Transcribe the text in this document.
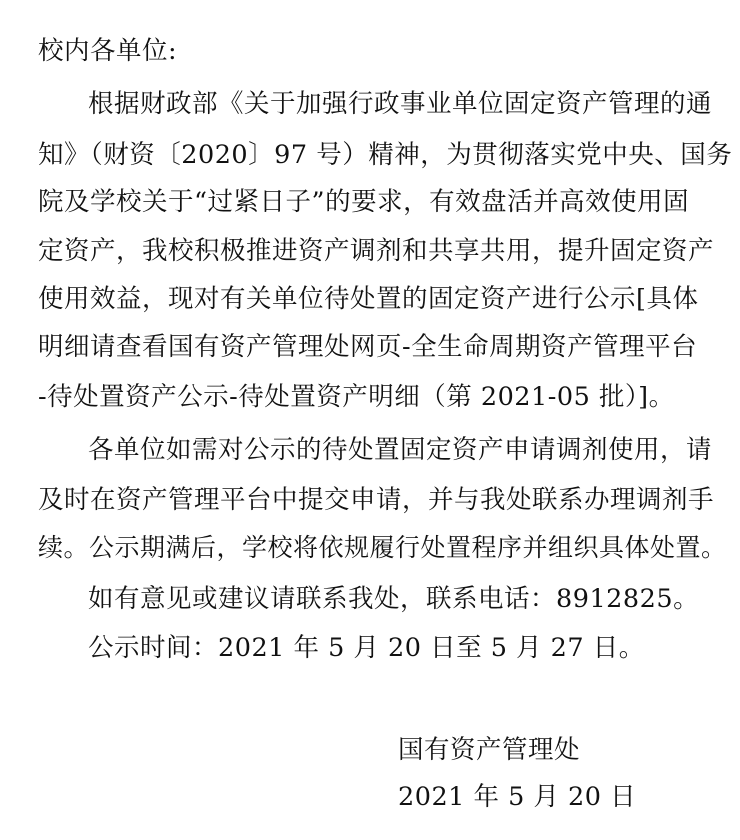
校内各单位:
根据财政部《关于加强行政事业单位固定资产管理的通
知》（财资〔2020〕97 号）精神，为贯彻落实党中央、国务
院及学校关于“过紧日子”的要求，有效盘活并高效使用固
定资产，我校积极推进资产调剂和共享共用，提升固定资产
使用效益，现对有关单位待处置的固定资产进行公示[具体
明细请查看国有资产管理处网页-全生命周期资产管理平台
-待处置资产公示-待处置资产明细（第 2021-05 批）]。
各单位如需对公示的待处置固定资产申请调剂使用，请
及时在资产管理平台中提交申请，并与我处联系办理调剂手
续。公示期满后，学校将依规履行处置程序并组织具体处置。
如有意见或建议请联系我处，联系电话：8912825。
公示时间：2021 年 5 月 20 日至 5 月 27 日。
国有资产管理处
2021 年 5 月 20 日
